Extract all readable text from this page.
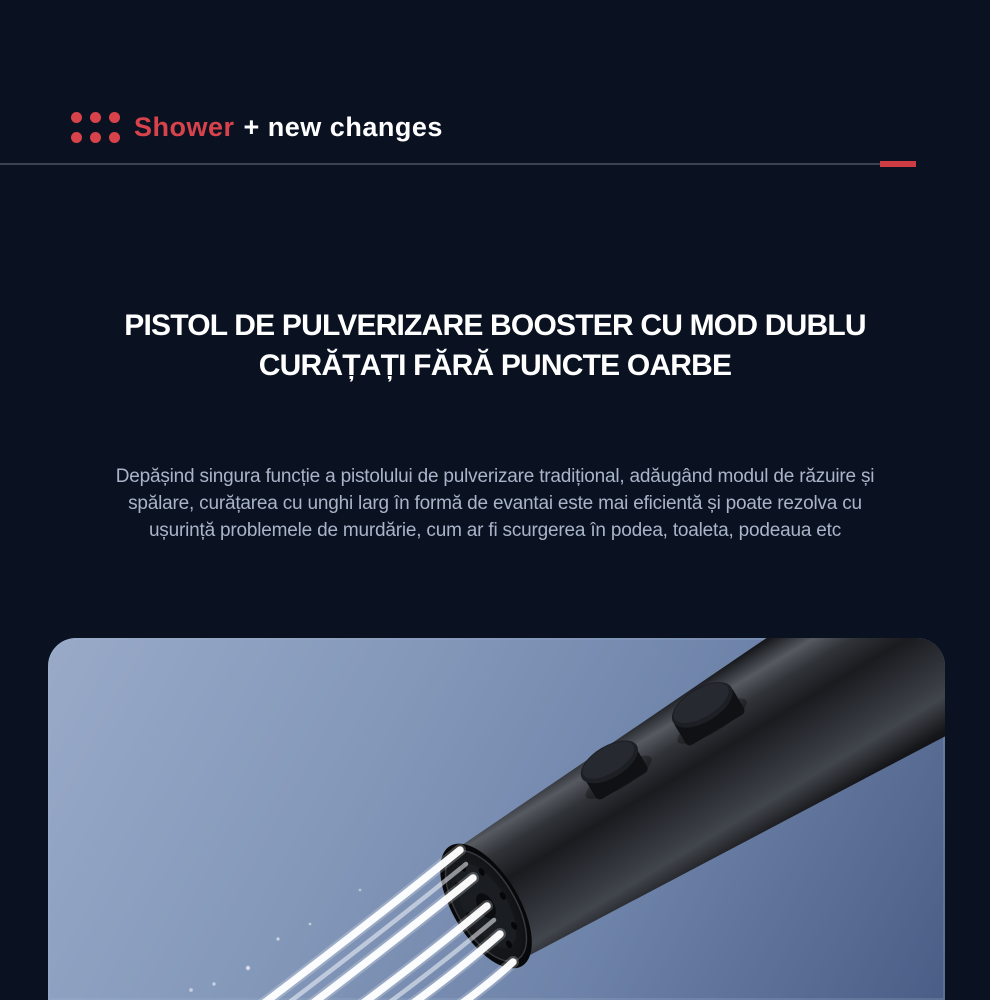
Shower + new changes
PISTOL DE PULVERIZARE BOOSTER CU MOD DUBLU
CURĂȚAȚI FĂRĂ PUNCTE OARBE

Depășind singura funcție a pistolului de pulverizare tradițional, adăugând modul de răzuire și
spălare, curățarea cu unghi larg în formă de evantai este mai eficientă și poate rezolva cu
ușurință problemele de murdărie, cum ar fi scurgerea în podea, toaleta, podeaua etc
